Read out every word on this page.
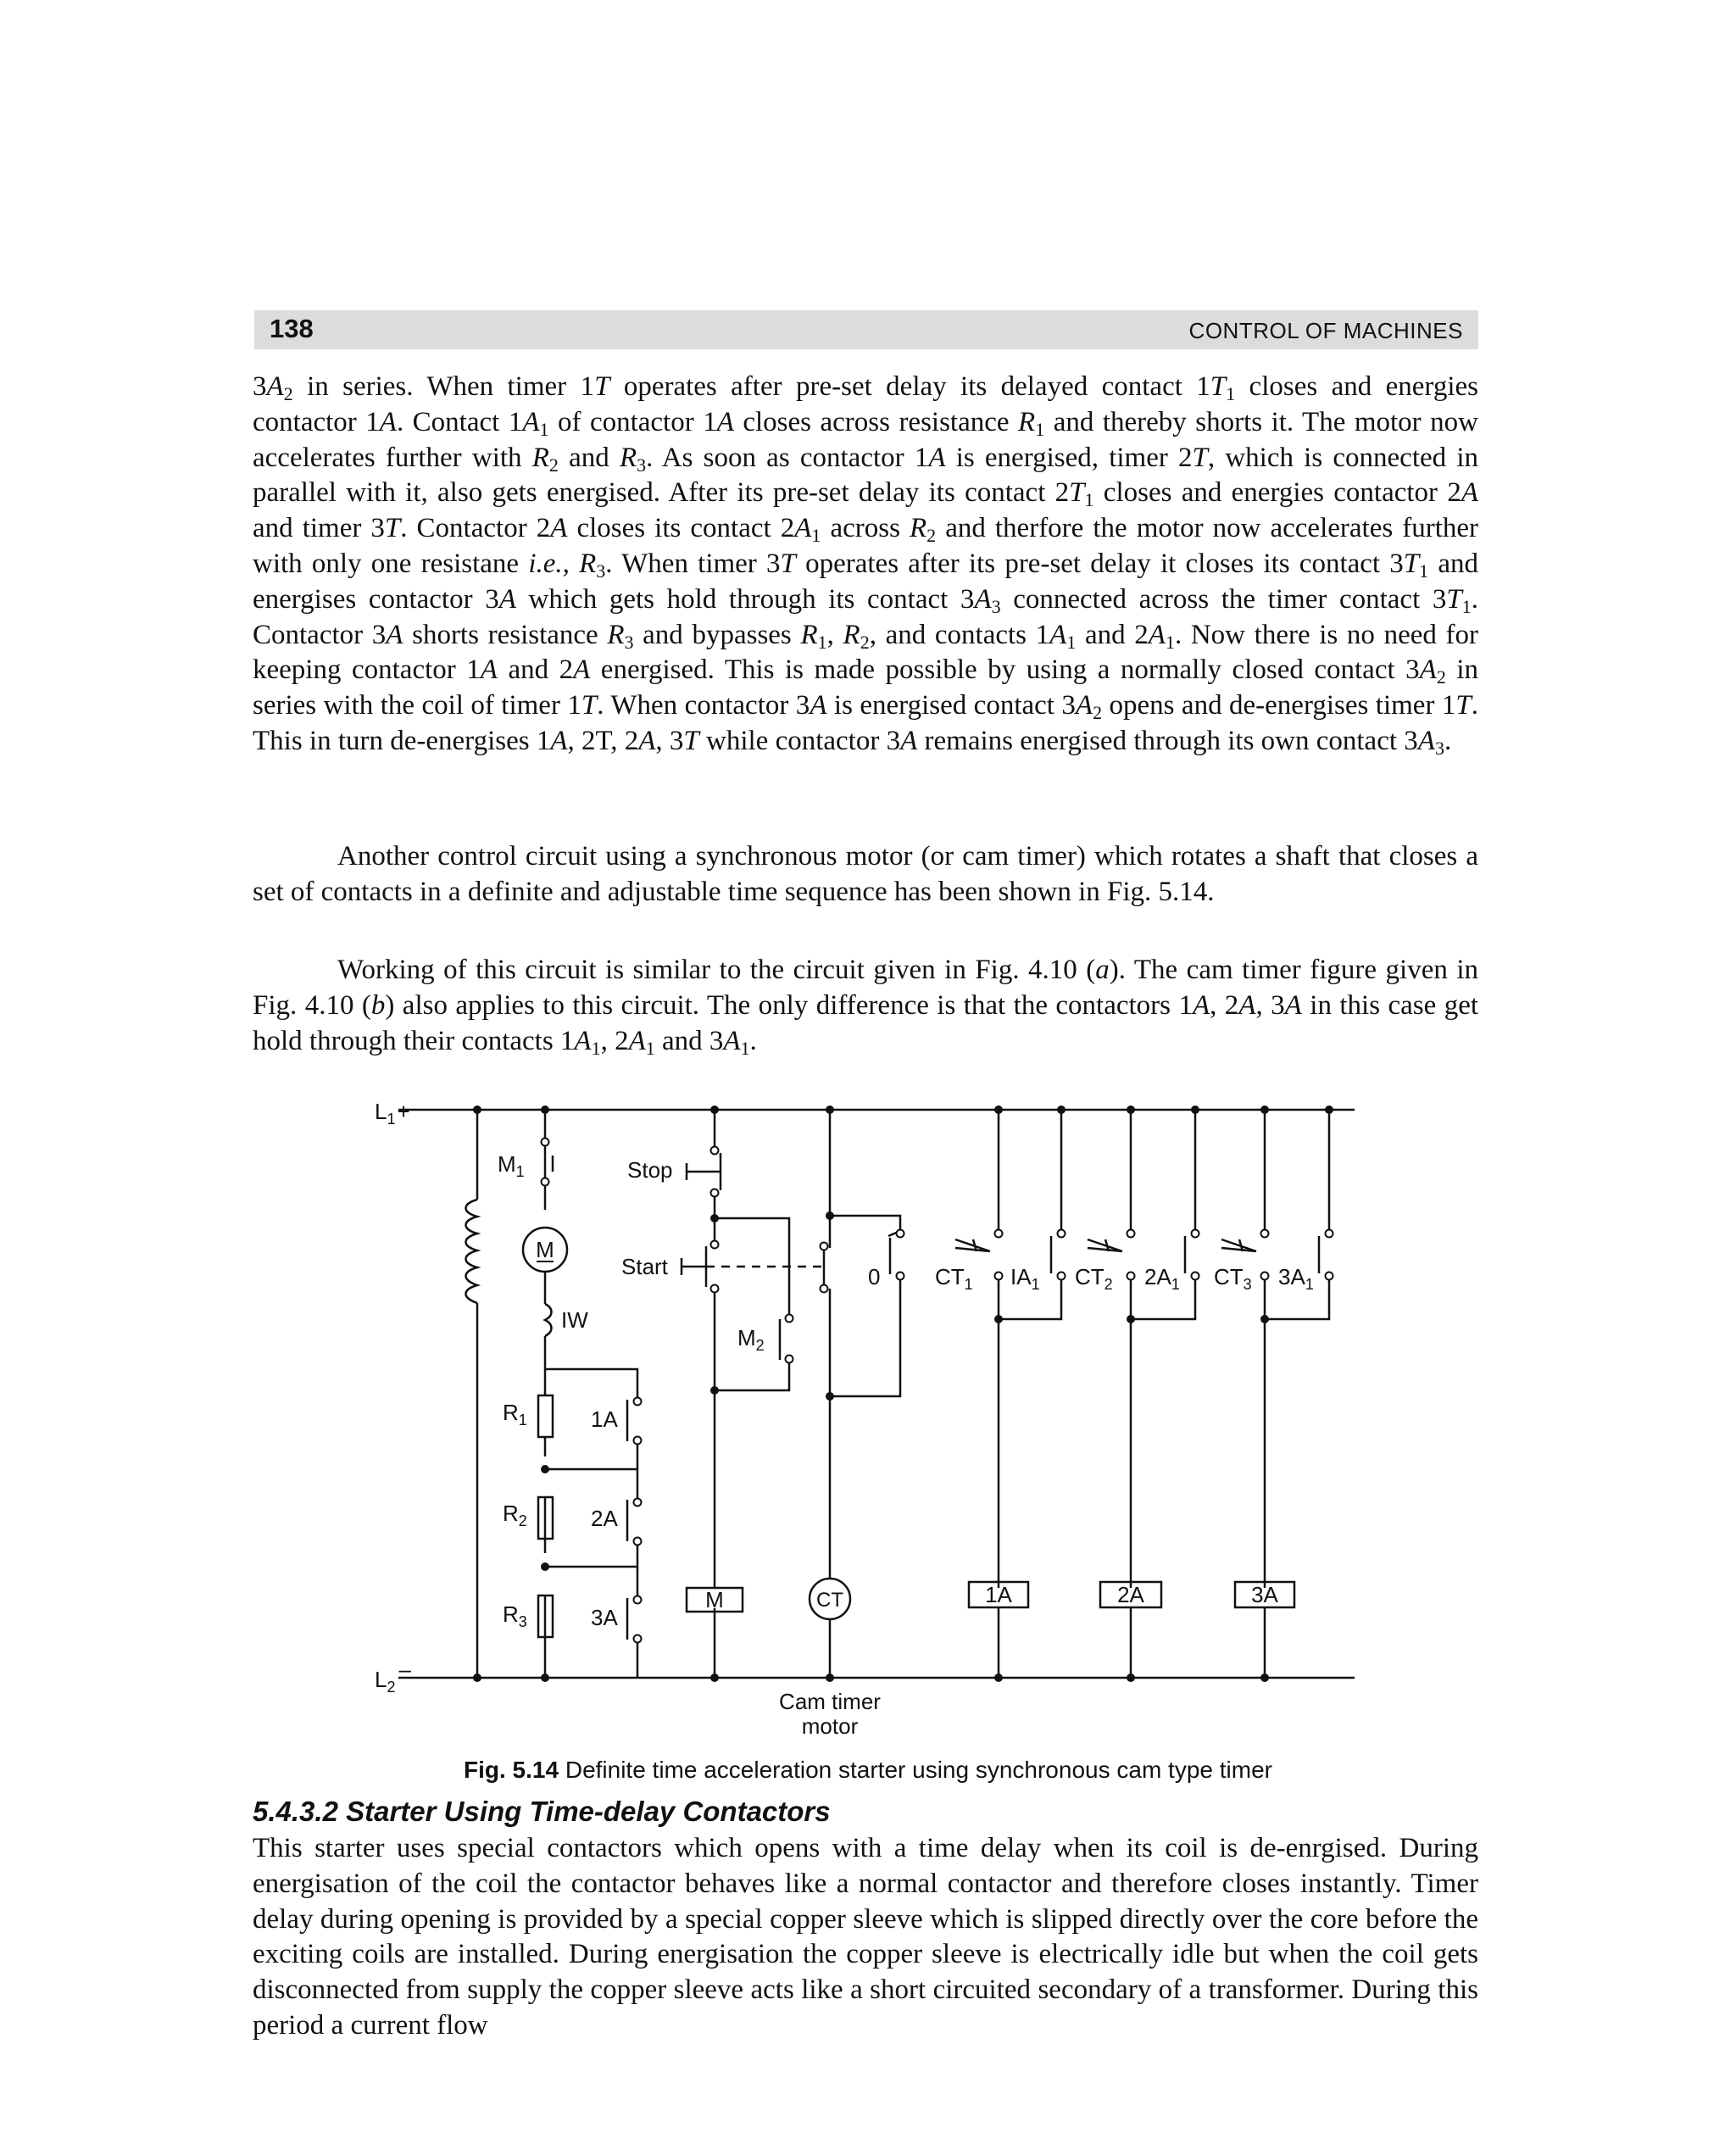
138	CONTROL OF MACHINES

$3A_2$ in series. When timer 1T operates after pre-set delay its delayed contact $1T_1$ closes and energies contactor 1A. Contact $1A_1$ of contactor 1A closes across resistance $R_1$ and thereby shorts it. The motor now accelerates further with $R_2$ and $R_3$. As soon as contactor 1A is energised, timer 2T, which is connected in parallel with it, also gets energised. After its pre-set delay its contact $2T_1$ closes and energies contactor 2A and timer 3T. Contactor 2A closes its contact $2A_1$ across $R_2$ and therfore the motor now accelerates further with only one resistane i.e., $R_3$. When timer 3T operates after its pre-set delay it closes its contact $3T_1$ and energises contactor 3A which gets hold through its contact $3A_3$ connected across the timer contact $3T_1$. Contactor 3A shorts resistance $R_3$ and bypasses $R_1$, $R_2$, and contacts $1A_1$ and $2A_1$. Now there is no need for keeping contactor 1A and 2A energised. This is made possible by using a normally closed contact $3A_2$ in series with the coil of timer 1T. When contactor 3A is energised contact $3A_2$ opens and de-energises timer 1T. This in turn de-energises 1A, 2T, 2A, 3T while contactor 3A remains energised through its own contact $3A_3$.

Another control circuit using a synchronous motor (or cam timer) which rotates a shaft that closes a set of contacts in a definite and adjustable time sequence has been shown in Fig. 5.14.

Working of this circuit is similar to the circuit given in Fig. 4.10 (a). The cam timer figure given in Fig. 4.10 (b) also applies to this circuit. The only difference is that the contactors 1A, 2A, 3A in this case get hold through their contacts $1A_1$, $2A_1$ and $3A_1$.

$L_1+$
$L_2-$
$M_1$
M
IW
$R_1$
$R_2$
$R_3$
1A
2A
3A
Stop
Start
$M_2$
0 $CT_1$ $IA_1$ $CT_2$ $2A_1$ $CT_3$ $3A_1$
M	CT	1A	2A	3A
Cam timer
motor
Fig. 5.14 Definite time acceleration starter using synchronous cam type timer
5.4.3.2 Starter Using Time-delay Contactors

This starter uses special contactors which opens with a time delay when its coil is de-enrgised. During energisation of the coil the contactor behaves like a normal contactor and therefore closes instantly. Timer delay during opening is provided by a special copper sleeve which is slipped directly over the core before the exciting coils are installed. During energisation the copper sleeve is electrically idle but when the coil gets disconnected from supply the copper sleeve acts like a short circuited secondary of a transformer. During this period a current flow
